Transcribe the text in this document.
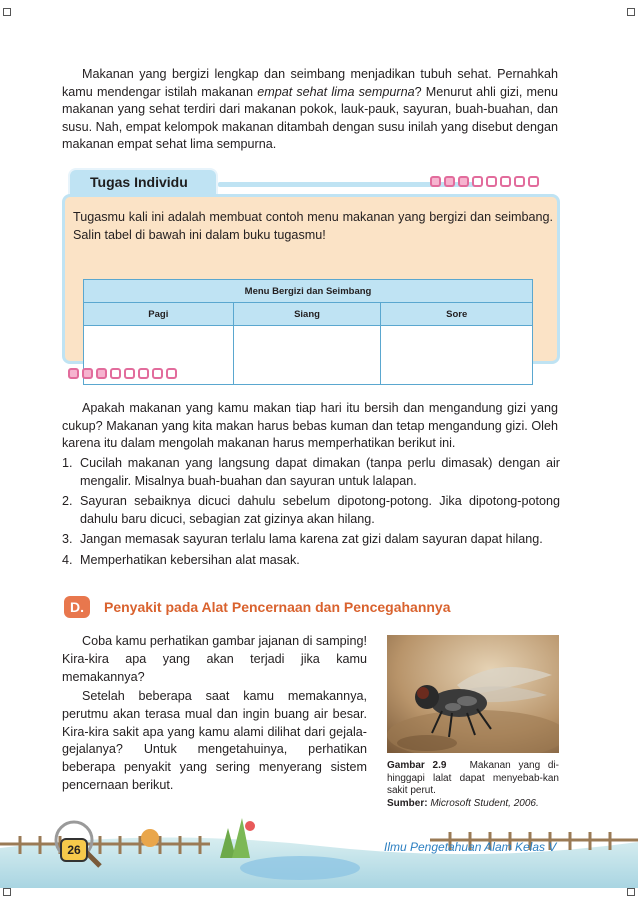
Makanan yang bergizi lengkap dan seimbang menjadikan tubuh sehat. Pernahkah kamu mendengar istilah makanan empat sehat lima sempurna? Menurut ahli gizi, menu makanan yang sehat terdiri dari makanan pokok, lauk-pauk, sayuran, buah-buahan, dan susu. Nah, empat kelompok makanan ditambah dengan susu inilah yang disebut dengan makanan empat sehat lima sempurna.

Tugas Individu

Tugasmu kali ini adalah membuat contoh menu makanan yang bergizi dan seimbang. Salin tabel di bawah ini dalam buku tugasmu!

Menu Bergizi dan Seimbang		
Pagi	Siang	Sore

Apakah makanan yang kamu makan tiap hari itu bersih dan mengandung gizi yang cukup? Makanan yang kita makan harus bebas kuman dan tetap mengandung gizi. Oleh karena itu dalam mengolah makanan harus memperhatikan berikut ini.

1. Cucilah makanan yang langsung dapat dimakan (tanpa perlu dimasak) dengan air mengalir. Misalnya buah-buahan dan sayuran untuk lalapan.
2. Sayuran sebaiknya dicuci dahulu sebelum dipotong-potong. Jika dipotong-potong dahulu baru dicuci, sebagian zat gizinya akan hilang.
3. Jangan memasak sayuran terlalu lama karena zat gizi dalam sayuran dapat hilang.
4. Memperhatikan kebersihan alat masak.
D.	Penyakit pada Alat Pencernaan dan Pencegahannya

Coba kamu perhatikan gambar jajanan di samping! Kira-kira apa yang akan terjadi jika kamu memakannya?

Setelah beberapa saat kamu memakannya, perutmu akan terasa mual dan ingin buang air besar. Kira-kira sakit apa yang kamu alami dilihat dari gejala-gejalanya? Untuk mengetahuinya, perhatikan beberapa penyakit yang sering menyerang sistem pencernaan berikut.

Gambar 2.9 Makanan yang di-hinggapi lalat dapat menyebab-kan sakit perut.
Sumber: Microsoft Student, 2006.
26	Ilmu Pengetahuan Alam Kelas V
